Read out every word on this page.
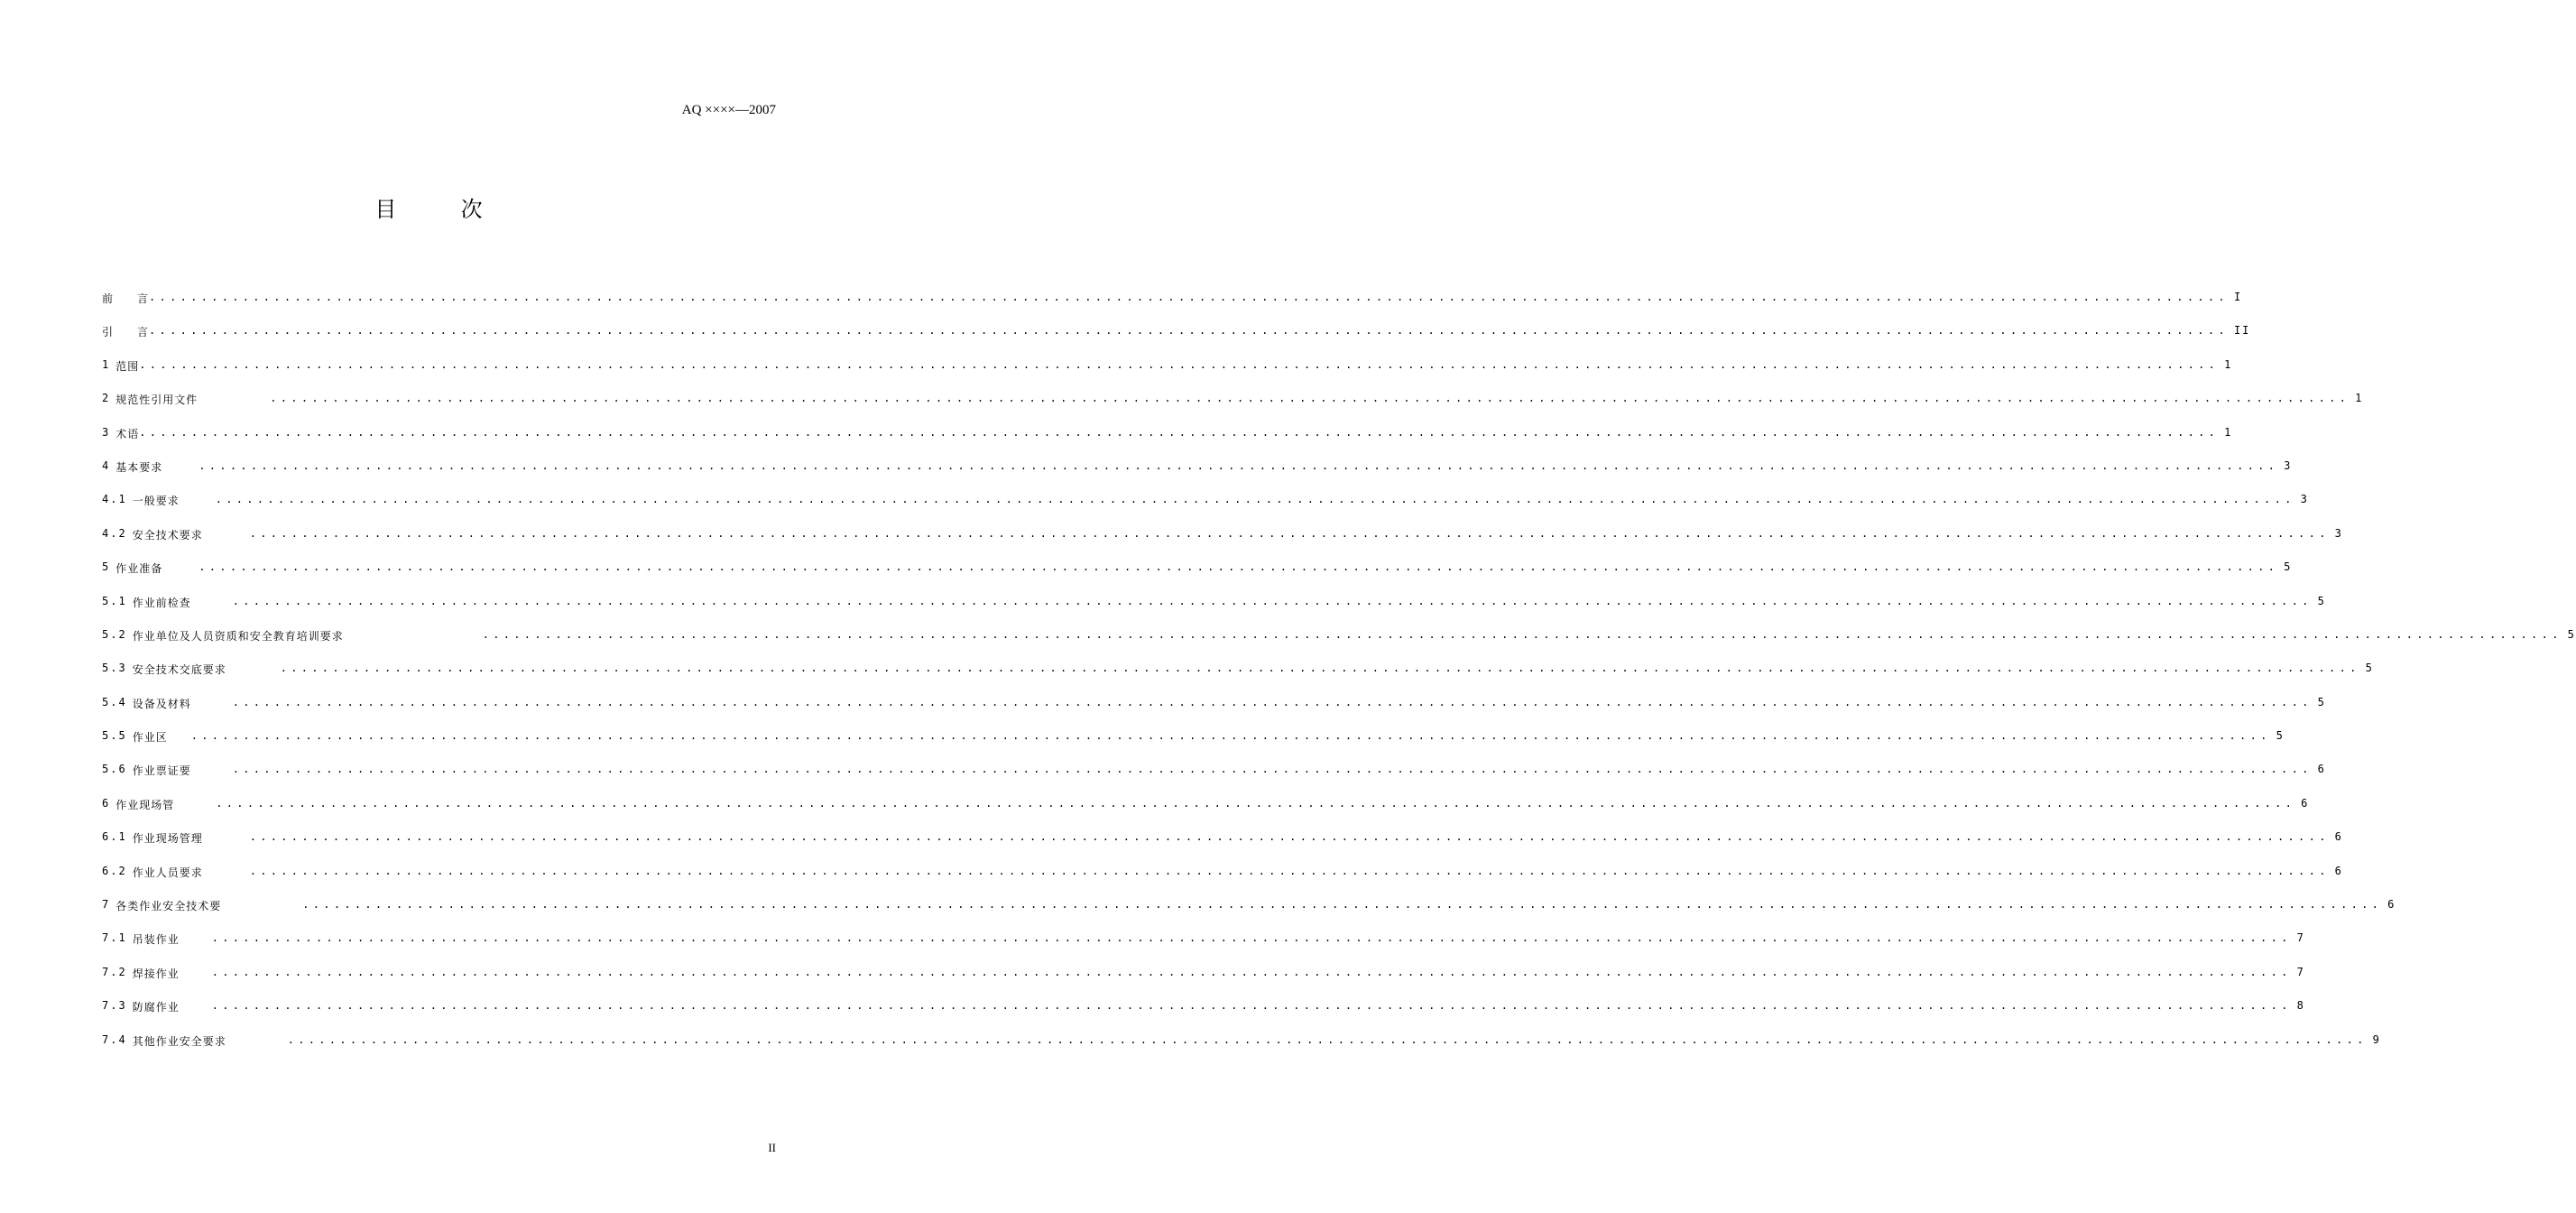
AQ ××××—2007
目	次
前　　言 ........................................................................................................................................................................................................ I
引　　言 ........................................................................................................................................................................................................ II
1 范围 ........................................................................................................................................................................................................ 1
2 规范性引用文件	........................................................................................................................................................................................................ 1
3 术语 ........................................................................................................................................................................................................ 1
4 基本要求	........................................................................................................................................................................................................ 3
4.1 一般要求	........................................................................................................................................................................................................ 3
4.2 安全技术要求	........................................................................................................................................................................................................ 3
5 作业准备	........................................................................................................................................................................................................ 5
5.1 作业前检查	........................................................................................................................................................................................................ 5
5.2 作业单位及人员资质和安全教育培训要求	........................................................................................................................................................................................................ 5
5.3 安全技术交底要求	........................................................................................................................................................................................................ 5
5.4 设备及材料	........................................................................................................................................................................................................ 5
5.5 作业区 ........................................................................................................................................................................................................ 5
5.6 作业票证要	........................................................................................................................................................................................................ 6
6 作业现场管	........................................................................................................................................................................................................ 6
6.1 作业现场管理	........................................................................................................................................................................................................ 6
6.2 作业人员要求	........................................................................................................................................................................................................ 6
7 各类作业安全技术要	........................................................................................................................................................................................................ 6
7.1 吊装作业	........................................................................................................................................................................................................ 7
7.2 焊接作业	........................................................................................................................................................................................................ 7
7.3 防腐作业	........................................................................................................................................................................................................ 8
7.4 其他作业安全要求	........................................................................................................................................................................................................ 9
II
